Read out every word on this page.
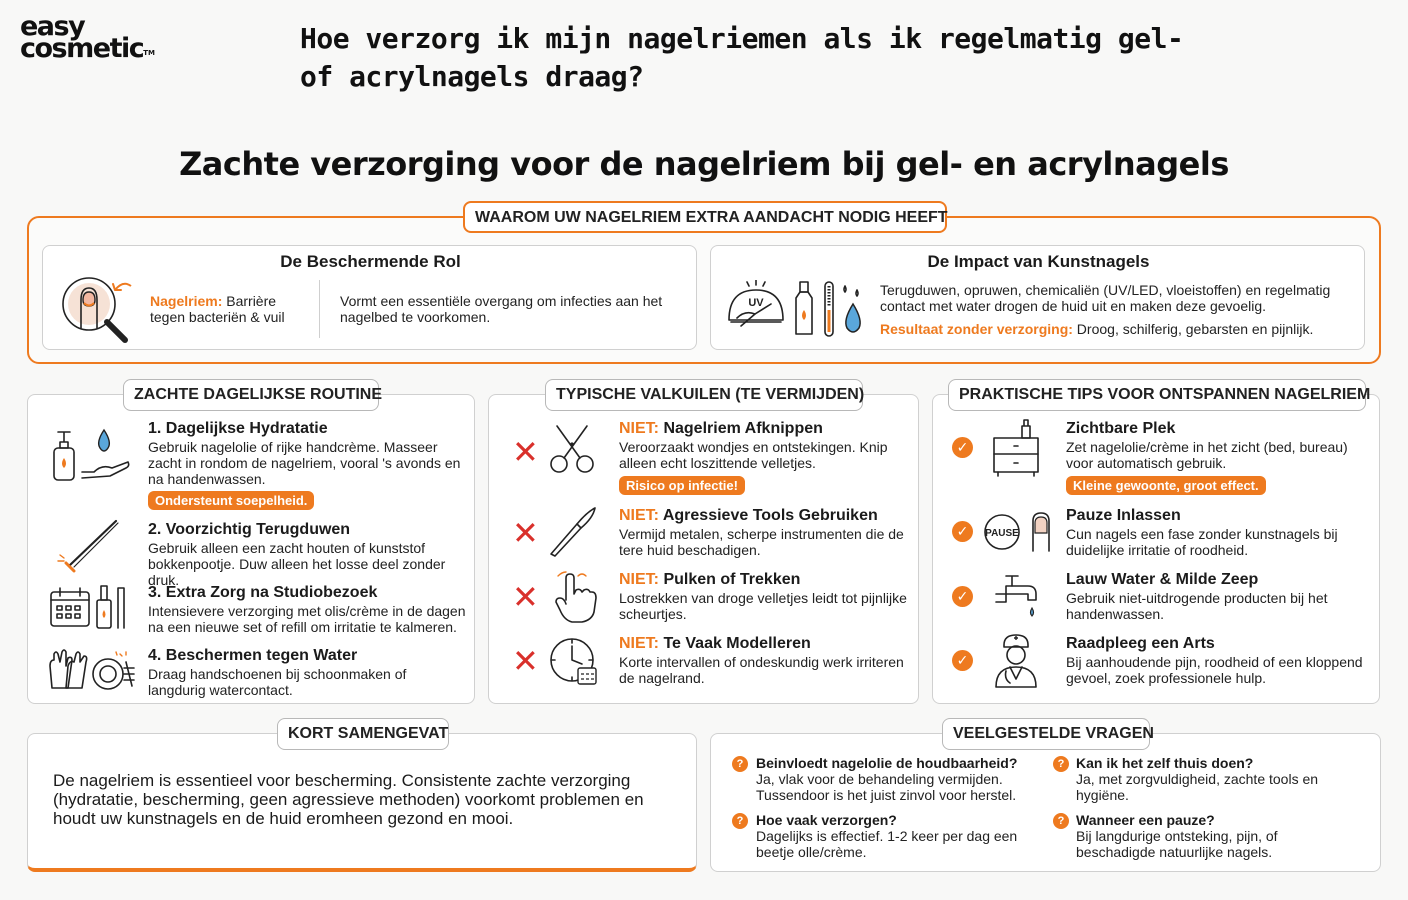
easy
cosmetic™	Hoe verzorg ik mijn nagelriemen als ik regelmatig gel- of acrylnagels draag?
Zachte verzorging voor de nagelriem bij gel- en acrylnagels
WAAROM UW NAGELRIEM EXTRA AANDACHT NODIG HEEFT
De Beschermende Rol
Nagelriem: Barrière tegen bacteriën & vuil
Vormt een essentiële overgang om infecties aan het nagelbed te voorkomen.
De Impact van Kunstnagels
UV
Terugduwen, opruwen, chemicaliën (UV/LED, vloeistoffen) en regelmatig contact met water drogen de huid uit en maken deze gevoelig.
Resultaat zonder verzorging: Droog, schilferig, gebarsten en pijnlijk.
ZACHTE DAGELIJKSE ROUTINE
1. Dagelijkse Hydratatie
Gebruik nagelolie of rijke handcrème. Masseer zacht in rondom de nagelriem, vooral 's avonds en na handenwassen.
Ondersteunt soepelheid.
2. Voorzichtig Terugduwen
Gebruik alleen een zacht houten of kunststof bokkenpootje. Duw alleen het losse deel zonder druk.
3. Extra Zorg na Studiobezoek
Intensievere verzorging met olis/crème in de dagen na een nieuwe set of refill om irritatie te kalmeren.
4. Beschermen tegen Water
Draag handschoenen bij schoonmaken of langdurig watercontact.
TYPISCHE VALKUILEN (TE VERMIJDEN)
✕
NIET: Nagelriem Afknippen
Veroorzaakt wondjes en ontstekingen. Knip alleen echt loszittende velletjes.
Risico op infectie!
✕	NIET: Agressieve Tools Gebruiken
Vermijd metalen, scherpe instrumenten die de tere huid beschadigen.
✕	NIET: Pulken of Trekken
Lostrekken van droge velletjes leidt tot pijnlijke scheurtjes.
✕	NIET: Te Vaak Modelleren
Korte intervallen of ondeskundig werk irriteren de nagelrand.
PRAKTISCHE TIPS VOOR ONTSPANNEN NAGELRIEM
✓
Zichtbare Plek
Zet nagelolie/crème in het zicht (bed, bureau) voor automatisch gebruik.
Kleine gewoonte, groot effect.
✓	PAUSE
Pauze Inlassen
Cun nagels een fase zonder kunstnagels bij duidelijke irritatie of roodheid.
✓
Lauw Water & Milde Zeep
Gebruik niet-uitdrogende producten bij het handenwassen.
✓
Raadpleeg een Arts
Bij aanhoudende pijn, roodheid of een kloppend gevoel, zoek professionele hulp.
KORT SAMENGEVAT
De nagelriem is essentieel voor bescherming. Consistente zachte verzorging (hydratatie, bescherming, geen agressieve methoden) voorkomt problemen en houdt uw kunstnagels en de huid eromheen gezond en mooi.
VEELGESTELDE VRAGEN
? Beinvloedt nagelolie de houdbaarheid?
Ja, vlak voor de behandeling vermijden. Tussendoor is het juist zinvol voor herstel.
? Hoe vaak verzorgen?
Dagelijks is effectief. 1-2 keer per dag een beetje olle/crème.
? Kan ik het zelf thuis doen?
Ja, met zorgvuldigheid, zachte tools en hygiëne.
? Wanneer een pauze?
Bij langdurige ontsteking, pijn, of beschadigde natuurlijke nagels.
